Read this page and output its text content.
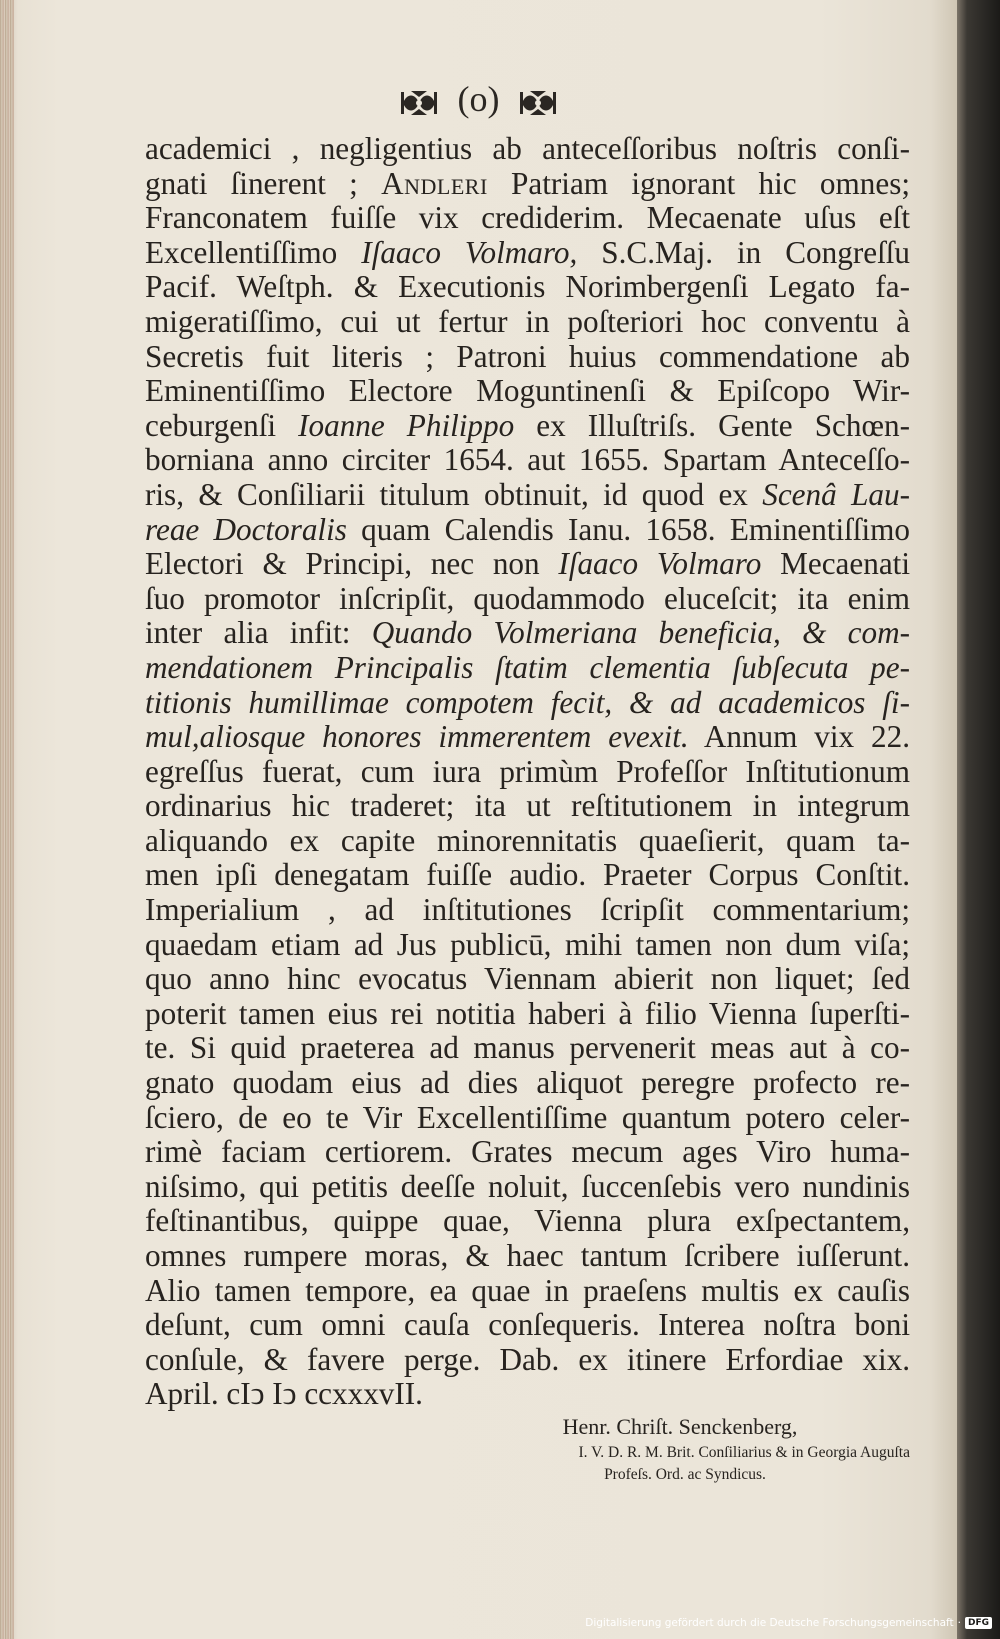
(o)
academici , negligentius ab anteceſſoribus noſtris conſi-
gnati ſinerent ; Andleri Patriam ignorant hic omnes;
Franconatem fuiſſe vix crediderim. Mecaenate uſus eſt
Excellentiſſimo Iſaaco Volmaro, S.C.Maj. in Congreſſu
Pacif. Weſtph. & Executionis Norimbergenſi Legato fa-
migeratiſſimo, cui ut fertur in poſteriori hoc conventu à
Secretis fuit literis ; Patroni huius commendatione ab
Eminentiſſimo Electore Moguntinenſi & Epiſcopo Wir-
ceburgenſi Ioanne Philippo ex Illuſtriſs. Gente Schœn-
borniana anno circiter 1654. aut 1655. Spartam Anteceſſo-
ris, & Conſiliarii titulum obtinuit, id quod ex Scenâ Lau-
reae Doctoralis quam Calendis Ianu. 1658. Eminentiſſimo
Electori & Principi, nec non Iſaaco Volmaro Mecaenati
ſuo promotor inſcripſit, quodammodo eluceſcit; ita enim
inter alia infit: Quando Volmeriana beneficia, & com-
mendationem Principalis ſtatim clementia ſubſecuta pe-
titionis humillimae compotem fecit, & ad academicos ſi-
mul,aliosque honores immerentem evexit. Annum vix 22.
egreſſus fuerat, cum iura primùm Profeſſor Inſtitutionum
ordinarius hic traderet; ita ut reſtitutionem in integrum
aliquando ex capite minorennitatis quaeſierit, quam ta-
men ipſi denegatam fuiſſe audio. Praeter Corpus Conſtit.
Imperialium , ad inſtitutiones ſcripſit commentarium;
quaedam etiam ad Jus publicū, mihi tamen non dum viſa;
quo anno hinc evocatus Viennam abierit non liquet; ſed
poterit tamen eius rei notitia haberi à filio Vienna ſuperſti-
te. Si quid praeterea ad manus pervenerit meas aut à co-
gnato quodam eius ad dies aliquot peregre profecto re-
ſciero, de eo te Vir Excellentiſſime quantum potero celer-
rimè faciam certiorem. Grates mecum ages Viro huma-
niſsimo, qui petitis deeſſe noluit, ſuccenſebis vero nundinis
feſtinantibus, quippe quae, Vienna plura exſpectantem,
omnes rumpere moras, & haec tantum ſcribere iuſſerunt.
Alio tamen tempore, ea quae in praeſens multis ex cauſis
deſunt, cum omni cauſa conſequeris. Interea noſtra boni
conſule, & favere perge. Dab. ex itinere Erfordiae xix.
April. cIↄ Iↄ ccxxxvII.
Henr. Chriſt. Senckenberg,
I. V. D. R. M. Brit. Conſiliarius & in Georgia Auguſta
Profeſs. Ord. ac Syndicus.
Digitalisierung gefördert durch die Deutsche Forschungsgemeinschaft · DFG
